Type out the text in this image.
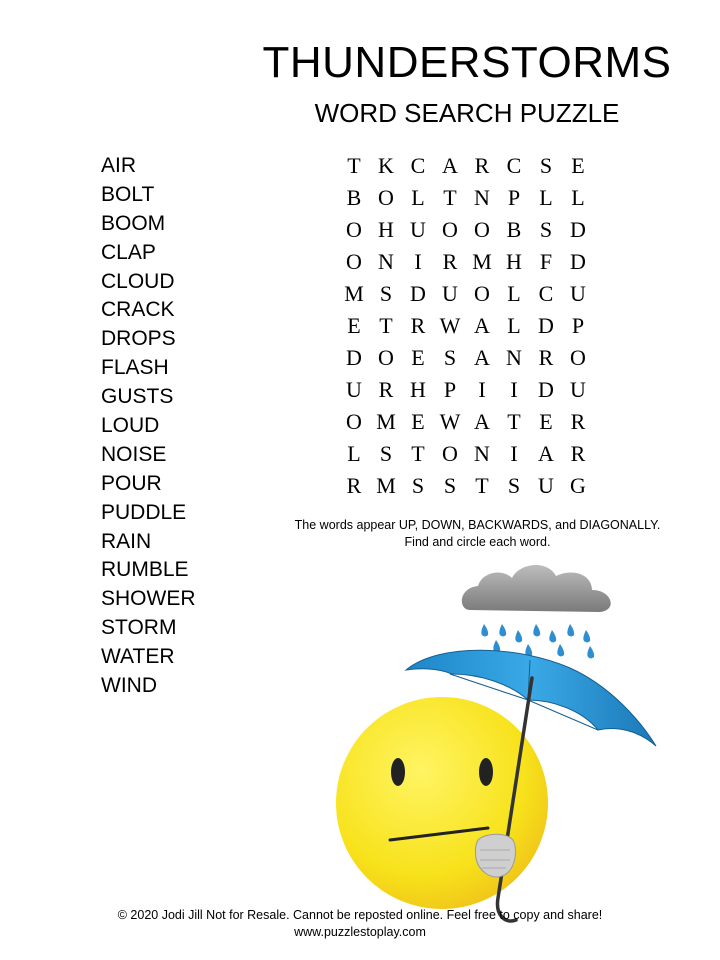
THUNDERSTORMS
WORD SEARCH PUZZLE
AIR
BOLT
BOOM
CLAP
CLOUD
CRACK
DROPS
FLASH
GUSTS
LOUD
NOISE
POUR
PUDDLE
RAIN
RUMBLE
SHOWER
STORM
WATER
WIND
T K C A R C S E
B O L T N P L L
O H U O O B S D
O N I R M H F D
M S D U O L C U
E T R W A L D P
D O E S A N R O
U R H P	I	I D U
O M E W A T E R
L S T O N I A R
R M S S T S U G
The words appear UP, DOWN, BACKWARDS, and DIAGONALLY.
Find and circle each word.
© 2020 Jodi Jill Not for Resale. Cannot be reposted online. Feel free to copy and share!
www.puzzlestoplay.com
